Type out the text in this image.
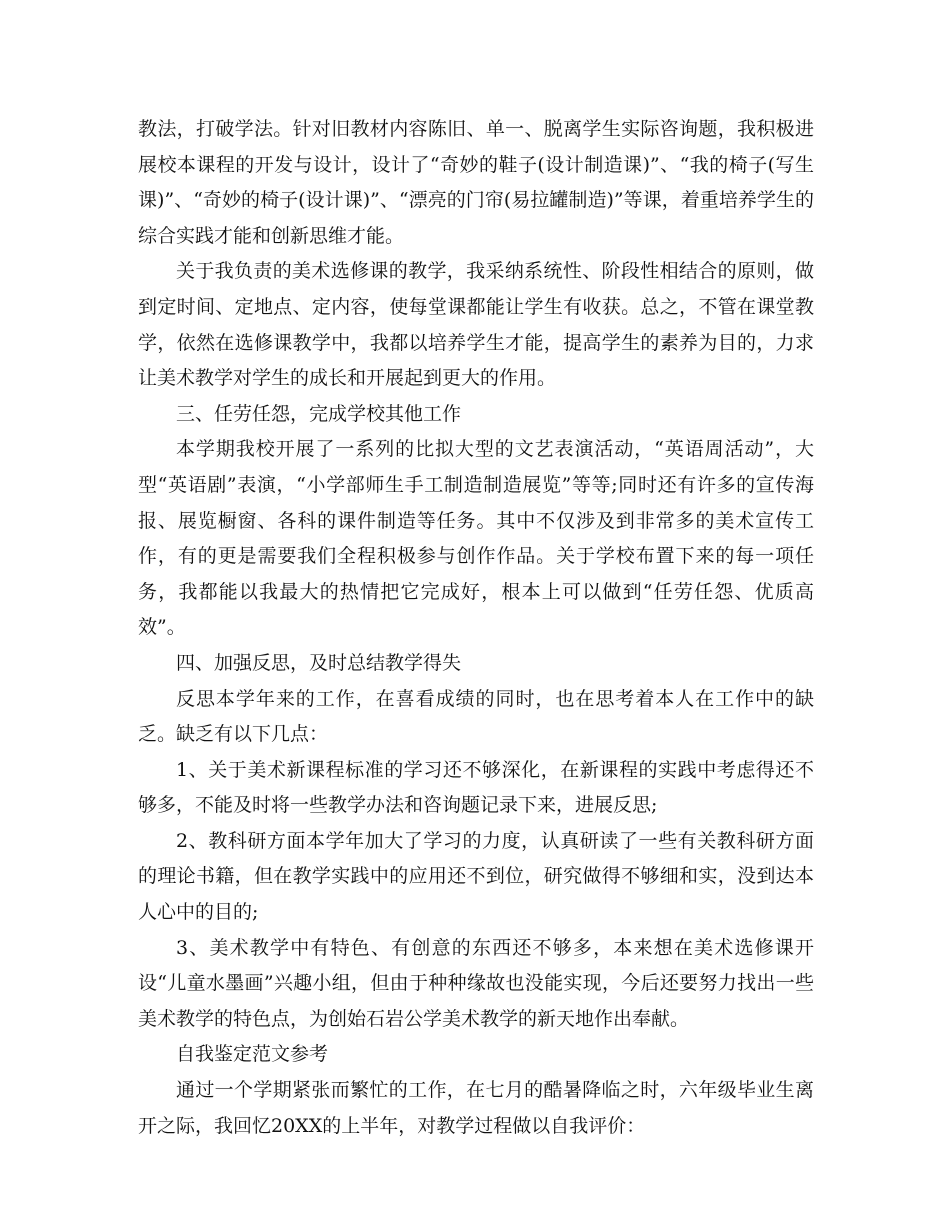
教法，打破学法。针对旧教材内容陈旧、单一、脱离学生实际咨询题，我积极进展校本课程的开发与设计，设计了“奇妙的鞋子(设计制造课)”、“我的椅子(写生课)”、“奇妙的椅子(设计课)”、“漂亮的门帘(易拉罐制造)”等课，着重培养学生的综合实践才能和创新思维才能。

关于我负责的美术选修课的教学，我采纳系统性、阶段性相结合的原则，做到定时间、定地点、定内容，使每堂课都能让学生有收获。总之，不管在课堂教学，依然在选修课教学中，我都以培养学生才能，提高学生的素养为目的，力求让美术教学对学生的成长和开展起到更大的作用。

三、任劳任怨，完成学校其他工作

本学期我校开展了一系列的比拟大型的文艺表演活动，“英语周活动”，大型“英语剧”表演，“小学部师生手工制造制造展览”等等;同时还有许多的宣传海报、展览橱窗、各科的课件制造等任务。其中不仅涉及到非常多的美术宣传工作，有的更是需要我们全程积极参与创作作品。关于学校布置下来的每一项任务，我都能以我最大的热情把它完成好，根本上可以做到“任劳任怨、优质高效”。

四、加强反思，及时总结教学得失

反思本学年来的工作，在喜看成绩的同时，也在思考着本人在工作中的缺乏。缺乏有以下几点：

1、关于美术新课程标准的学习还不够深化，在新课程的实践中考虑得还不够多，不能及时将一些教学办法和咨询题记录下来，进展反思;

2、教科研方面本学年加大了学习的力度，认真研读了一些有关教科研方面的理论书籍，但在教学实践中的应用还不到位，研究做得不够细和实，没到达本人心中的目的;

3、美术教学中有特色、有创意的东西还不够多，本来想在美术选修课开设“儿童水墨画”兴趣小组，但由于种种缘故也没能实现，今后还要努力找出一些美术教学的特色点，为创始石岩公学美术教学的新天地作出奉献。

自我鉴定范文参考

通过一个学期紧张而繁忙的工作，在七月的酷暑降临之时，六年级毕业生离开之际，我回忆20XX的上半年，对教学过程做以自我评价：
